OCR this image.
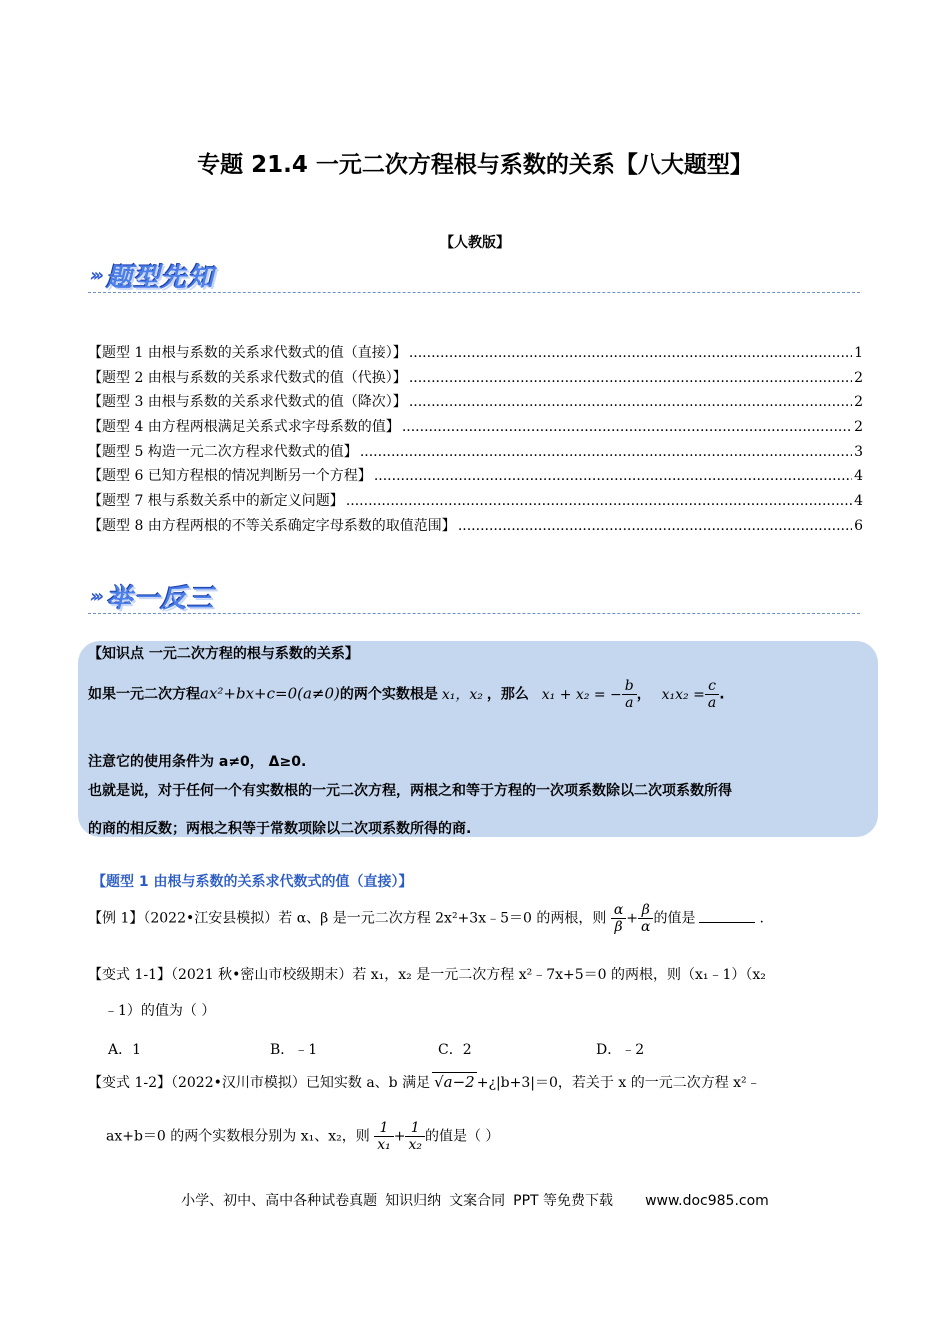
专题 21.4 一元二次方程根与系数的关系【八大题型】
【人教版】
››› 题型先知
【题型 1 由根与系数的关系求代数式的值（直接）】 .....	1
【题型 2 由根与系数的关系求代数式的值（代换）】 .....	2
【题型 3 由根与系数的关系求代数式的值（降次）】 .....	2
【题型 4 由方程两根满足关系式求字母系数的值】 .....	2
【题型 5 构造一元二次方程求代数式的值】 .....	3
【题型 6 已知方程根的情况判断另一个方程】 .....	4
【题型 7 根与系数关系中的新定义问题】 .....	4
【题型 8 由方程两根的不等关系确定字母系数的取值范围】 .....	6
››› 举一反三
【知识点 一元二次方程的根与系数的关系】
如果一元二次方程ax²+bx+c=0(a≠0)的两个实数根是 x₁，x₂ ，那么 x₁ + x₂ = − $\frac{b}{a}$ ， $x_1x_2 = \frac{c}{a}$ .
注意它的使用条件为 a≠0， Δ≥0.
也就是说，对于任何一个有实数根的一元二次方程，两根之和等于方程的一次项系数除以二次项系数所得
的商的相反数；两根之积等于常数项除以二次项系数所得的商.
【题型 1 由根与系数的关系求代数式的值（直接）】
【例 1】（2022•江安县模拟）若 α、β 是一元二次方程 2x²+3x﹣5＝0 的两根，则 $\frac{\alpha}{\beta} + \frac{\beta}{\alpha}$ 的值是	.
【变式 1-1】（2021 秋•密山市校级期末）若 x₁，x₂ 是一元二次方程 x²﹣7x+5＝0 的两根，则（x₁﹣1）（x₂
﹣1）的值为（ ）
A．1	B．﹣1	C．2	D．﹣2
【变式 1-2】（2022•汉川市模拟）已知实数 a、b 满足 √a−2 +¿|b+3|＝0，若关于 x 的一元二次方程 x²﹣
ax+b＝0 的两个实数根分别为 x₁、x₂，则 $\frac{1}{\text{x₁}} + \frac{1}{\text{x₂}}$ 的值是（ ）
小学、初中、高中各种试卷真题 知识归纳 文案合同 PPT 等免费下载 www.doc985.com
